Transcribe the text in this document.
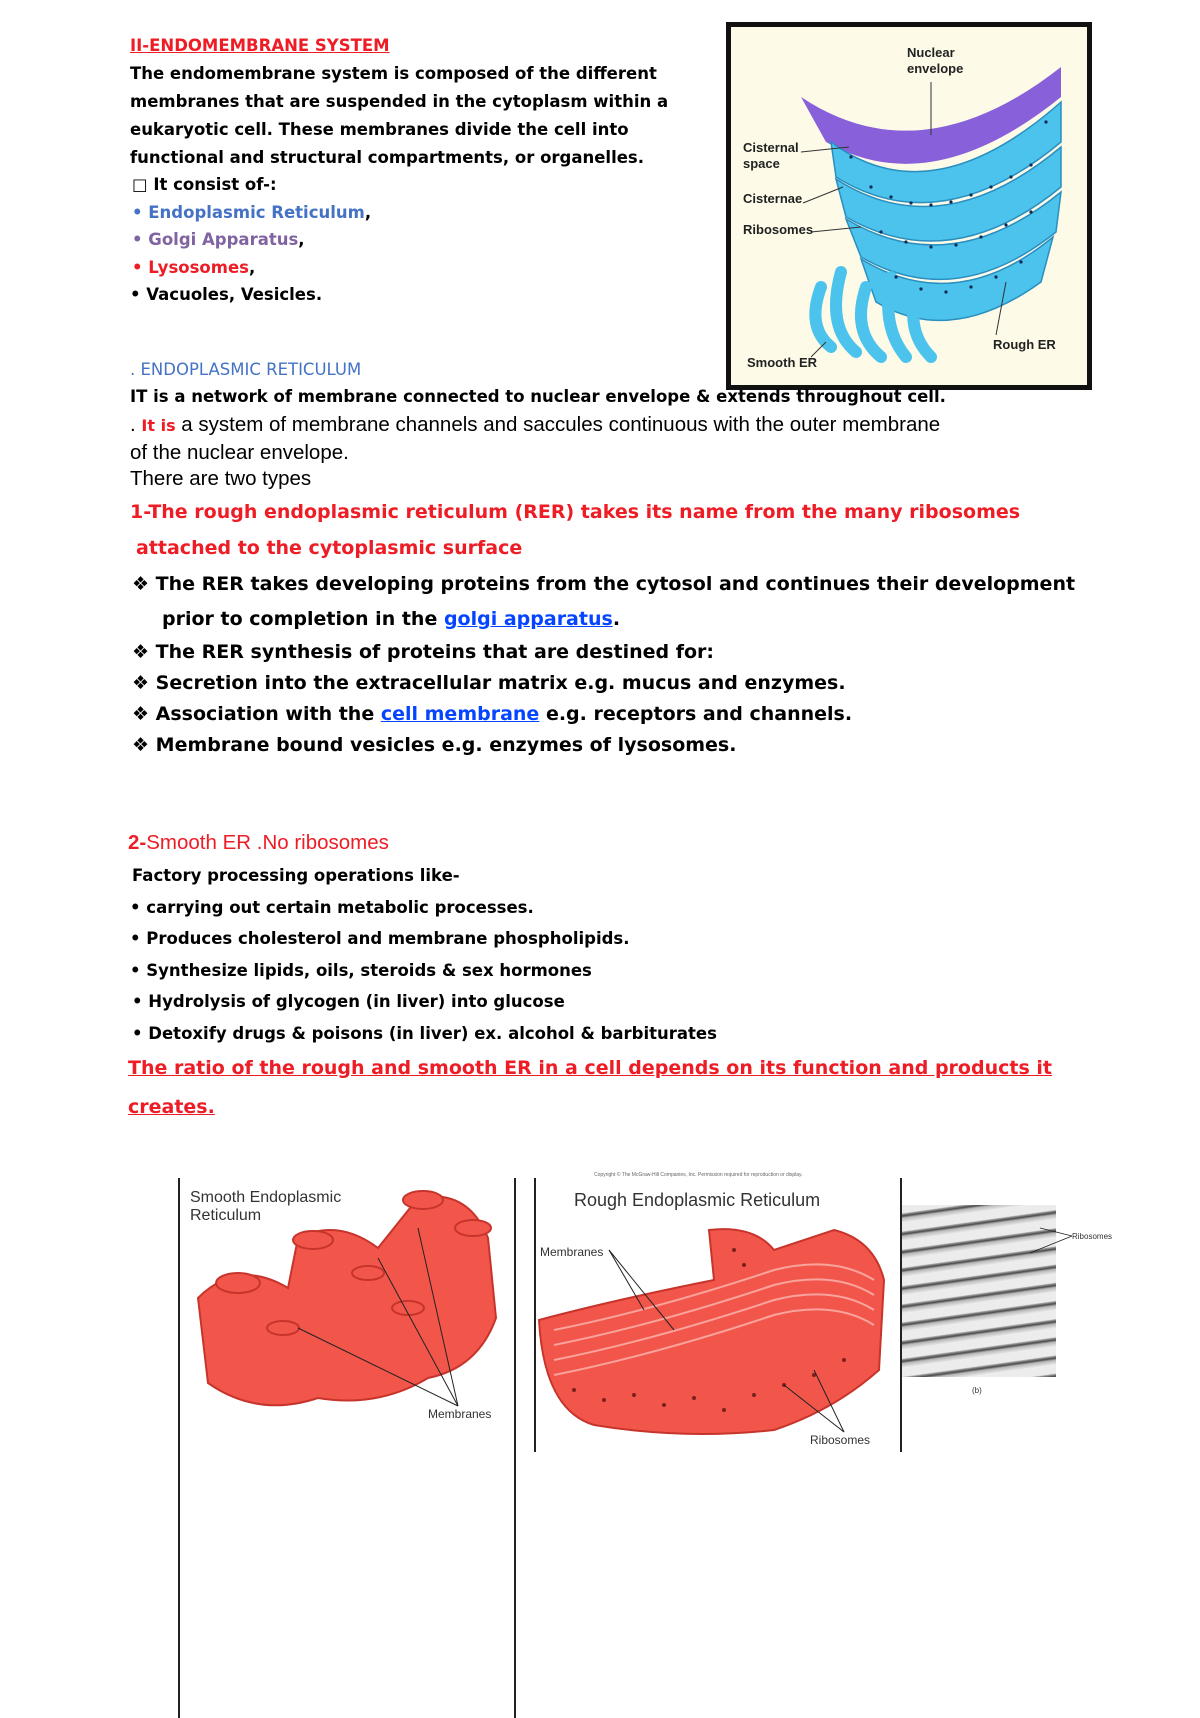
II-ENDOMEMBRANE SYSTEM
The endomembrane system is composed of the different
membranes that are suspended in the cytoplasm within a
eukaryotic cell. These membranes divide the cell into
functional and structural compartments, or organelles.
□ It consist of-:
• Endoplasmic Reticulum,
• Golgi Apparatus,
• Lysosomes,
• Vacuoles, Vesicles.
Nuclear
envelope
Cisternal
space
Cisternae
Ribosomes
Rough ER
Smooth ER
. ENDOPLASMIC RETICULUM
IT is a network of membrane connected to nuclear envelope & extends throughout cell.
. It is a system of membrane channels and saccules continuous with the outer membrane
of the nuclear envelope.
There are two types
1-The rough endoplasmic reticulum (RER) takes its name from the many ribosomes
attached to the cytoplasmic surface
❖ The RER takes developing proteins from the cytosol and continues their development
prior to completion in the golgi apparatus.
❖ The RER synthesis of proteins that are destined for:
❖ Secretion into the extracellular matrix e.g. mucus and enzymes.
❖ Association with the cell membrane e.g. receptors and channels.
❖ Membrane bound vesicles e.g. enzymes of lysosomes.
2-Smooth ER .No ribosomes
Factory processing operations like-
• carrying out certain metabolic processes.
• Produces cholesterol and membrane phospholipids.
• Synthesize lipids, oils, steroids & sex hormones
• Hydrolysis of glycogen (in liver) into glucose
• Detoxify drugs & poisons (in liver) ex. alcohol & barbiturates
The ratio of the rough and smooth ER in a cell depends on its function and products it
creates.
Smooth Endoplasmic
Reticulum
Membranes
Copyright © The McGraw-Hill Companies, Inc. Permission required for reproduction or display.
Rough Endoplasmic Reticulum
Membranes
Ribosomes
Ribosomes
(b)
